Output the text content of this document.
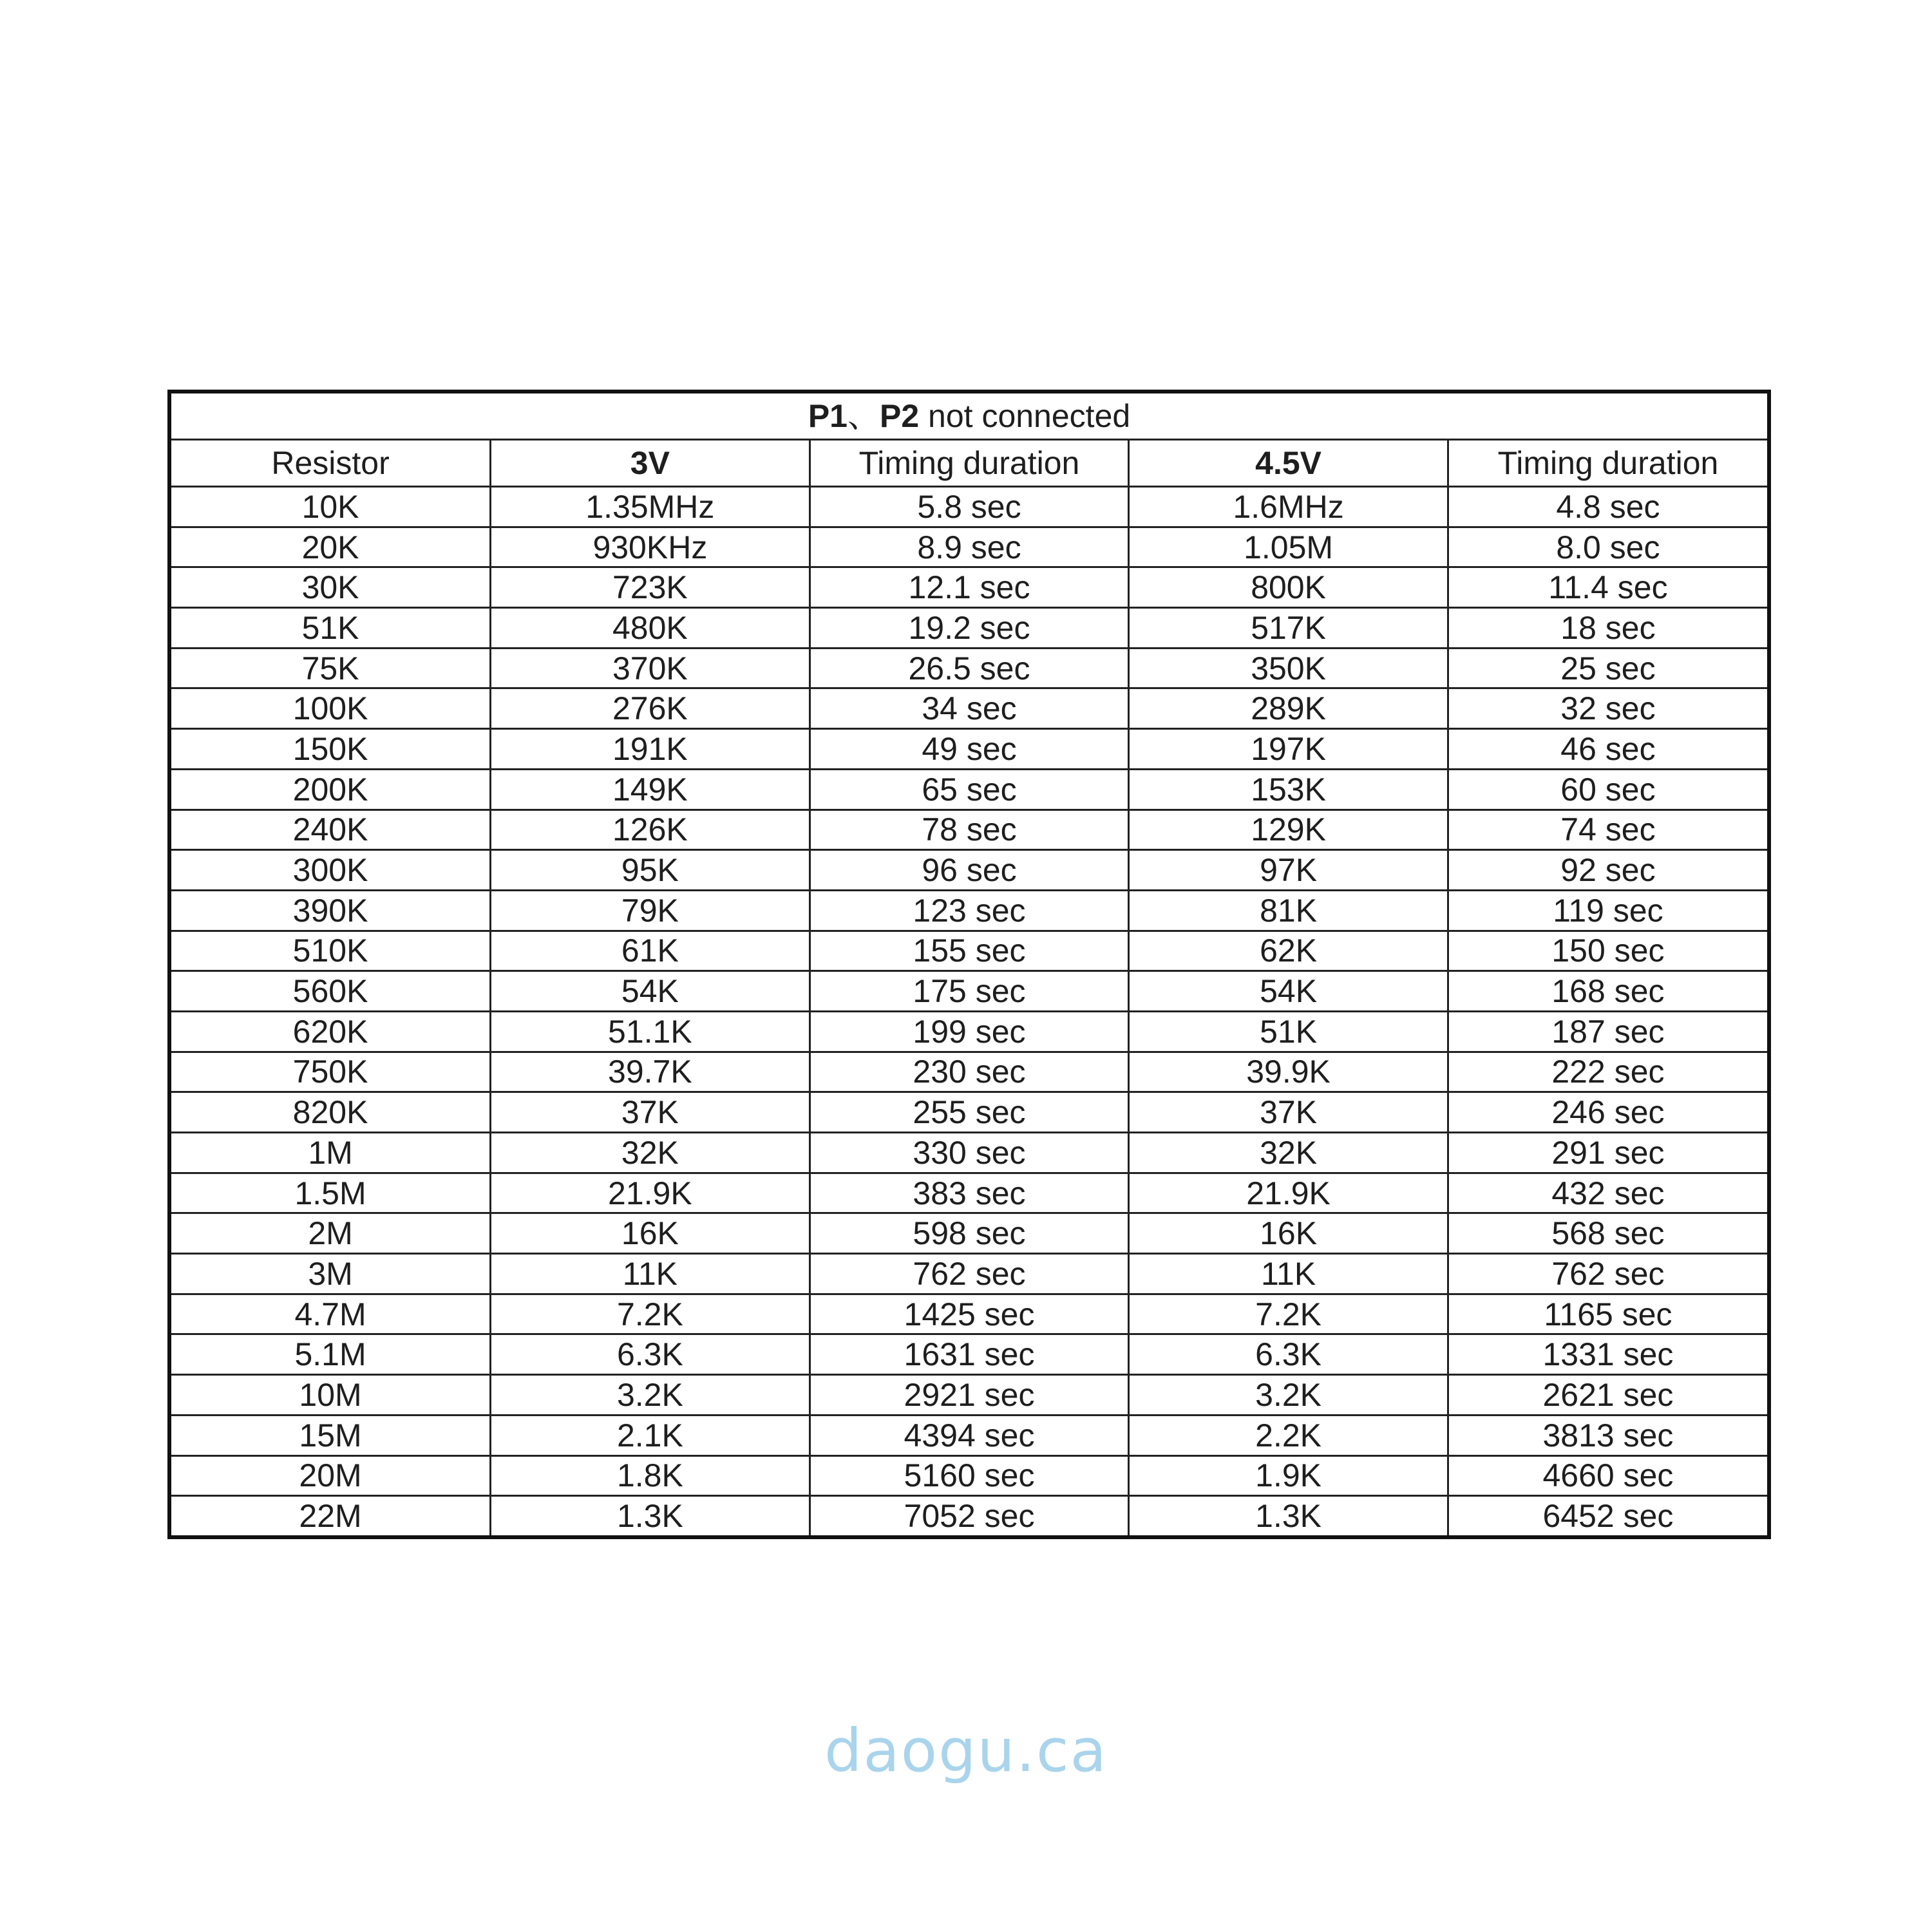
P1、P2 not connected				
Resistor	3V	Timing duration	4.5V	Timing duration
10K	1.35MHz	5.8 sec	1.6MHz	4.8 sec
20K	930KHz	8.9 sec	1.05M	8.0 sec
30K	723K	12.1 sec	800K	11.4 sec
51K	480K	19.2 sec	517K	18 sec
75K	370K	26.5 sec	350K	25 sec
100K	276K	34 sec	289K	32 sec
150K	191K	49 sec	197K	46 sec
200K	149K	65 sec	153K	60 sec
240K	126K	78 sec	129K	74 sec
300K	95K	96 sec	97K	92 sec
390K	79K	123 sec	81K	119 sec
510K	61K	155 sec	62K	150 sec
560K	54K	175 sec	54K	168 sec
620K	51.1K	199 sec	51K	187 sec
750K	39.7K	230 sec	39.9K	222 sec
820K	37K	255 sec	37K	246 sec
1M	32K	330 sec	32K	291 sec
1.5M	21.9K	383 sec	21.9K	432 sec
2M	16K	598 sec	16K	568 sec
3M	11K	762 sec	11K	762 sec
4.7M	7.2K	1425 sec	7.2K	1165 sec
5.1M	6.3K	1631 sec	6.3K	1331 sec
10M	3.2K	2921 sec	3.2K	2621 sec
15M	2.1K	4394 sec	2.2K	3813 sec
20M	1.8K	5160 sec	1.9K	4660 sec
22M	1.3K	7052 sec	1.3K	6452 sec
daogu.ca
